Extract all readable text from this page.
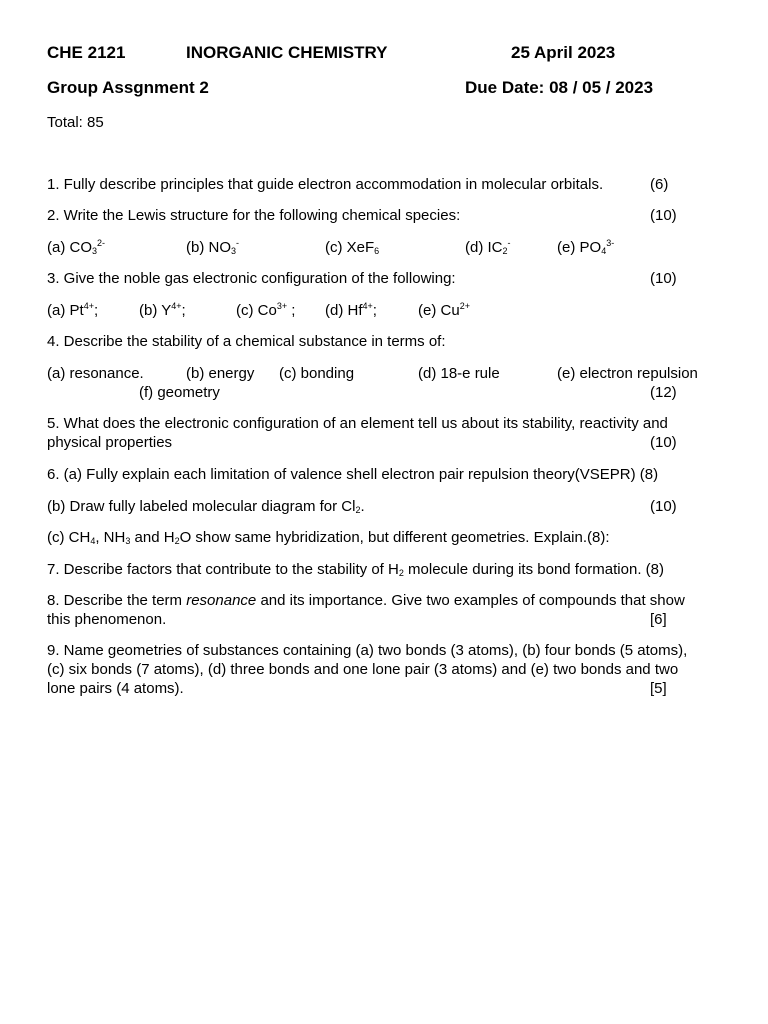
CHE 2121	INORGANIC CHEMISTRY	25 April 2023
Group Assgnment 2	Due Date: 08 / 05 / 2023
Total: 85
1. Fully describe principles that guide electron accommodation in molecular orbitals.	(6)
2. Write the Lewis structure for the following chemical species:	(10)
(a) $CO_3^{2-}$	(b) $NO_3^-$	(c) XeF$_6$	(d) $IC_2^-$	(e) $PO_4^{3-}$
3. Give the noble gas electronic configuration of the following:	(10)
(a) $Pt^{4+}$;	(b) $Y^{4+}$;	(c) $Co^{3+}$ ; (d) $Hf^{4+}$;	(e) $Cu^{2+}$
4. Describe the stability of a chemical substance in terms of:
(a) resonance.	(b) energy (c) bonding	(d) 18-e rule	(e) electron repulsion
(f) geometry	(12)
5. What does the electronic configuration of an element tell us about its stability, reactivity and
physical properties	(10)
6. (a) Fully explain each limitation of valence shell electron pair repulsion theory(VSEPR) (8)
(b) Draw fully labeled molecular diagram for $Cl_2$.	(10)
(c) $CH_4$, $NH_3$ and $H_2O$ show same hybridization, but different geometries. Explain.(8):
7. Describe factors that contribute to the stability of $H_2$ molecule during its bond formation. (8)
8. Describe the term resonance and its importance. Give two examples of compounds that show
this phenomenon.	[6]
9. Name geometries of substances containing (a) two bonds (3 atoms), (b) four bonds (5 atoms),
(c) six bonds (7 atoms), (d) three bonds and one lone pair (3 atoms) and (e) two bonds and two
lone pairs (4 atoms).	[5]
